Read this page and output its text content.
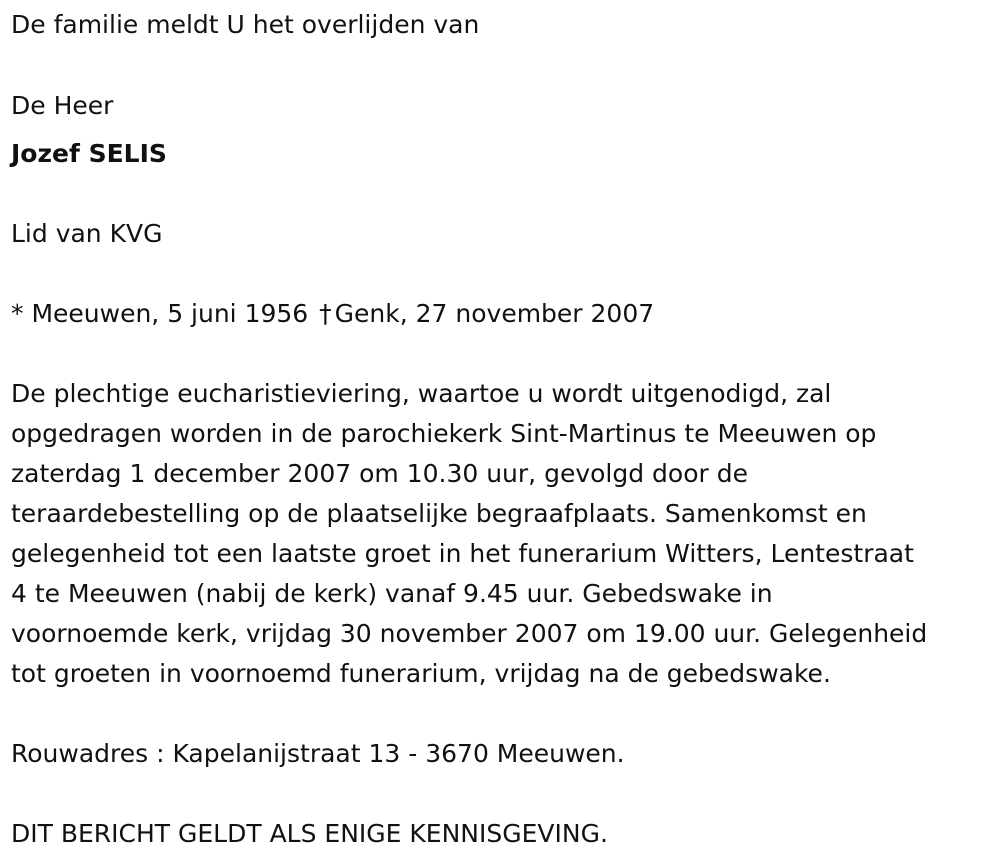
De familie meldt U het overlijden van

De Heer

Jozef SELIS

Lid van KVG

* Meeuwen, 5 juni 1956 † Genk, 27 november 2007

De plechtige eucharistieviering, waartoe u wordt uitgenodigd, zal
opgedragen worden in de parochiekerk Sint-Martinus te Meeuwen op
zaterdag 1 december 2007 om 10.30 uur, gevolgd door de
teraardebestelling op de plaatselijke begraafplaats. Samenkomst en
gelegenheid tot een laatste groet in het funerarium Witters, Lentestraat
4 te Meeuwen (nabij de kerk) vanaf 9.45 uur. Gebedswake in
voornoemde kerk, vrijdag 30 november 2007 om 19.00 uur. Gelegenheid
tot groeten in voornoemd funerarium, vrijdag na de gebedswake.

Rouwadres : Kapelanijstraat 13 - 3670 Meeuwen.

DIT BERICHT GELDT ALS ENIGE KENNISGEVING.
